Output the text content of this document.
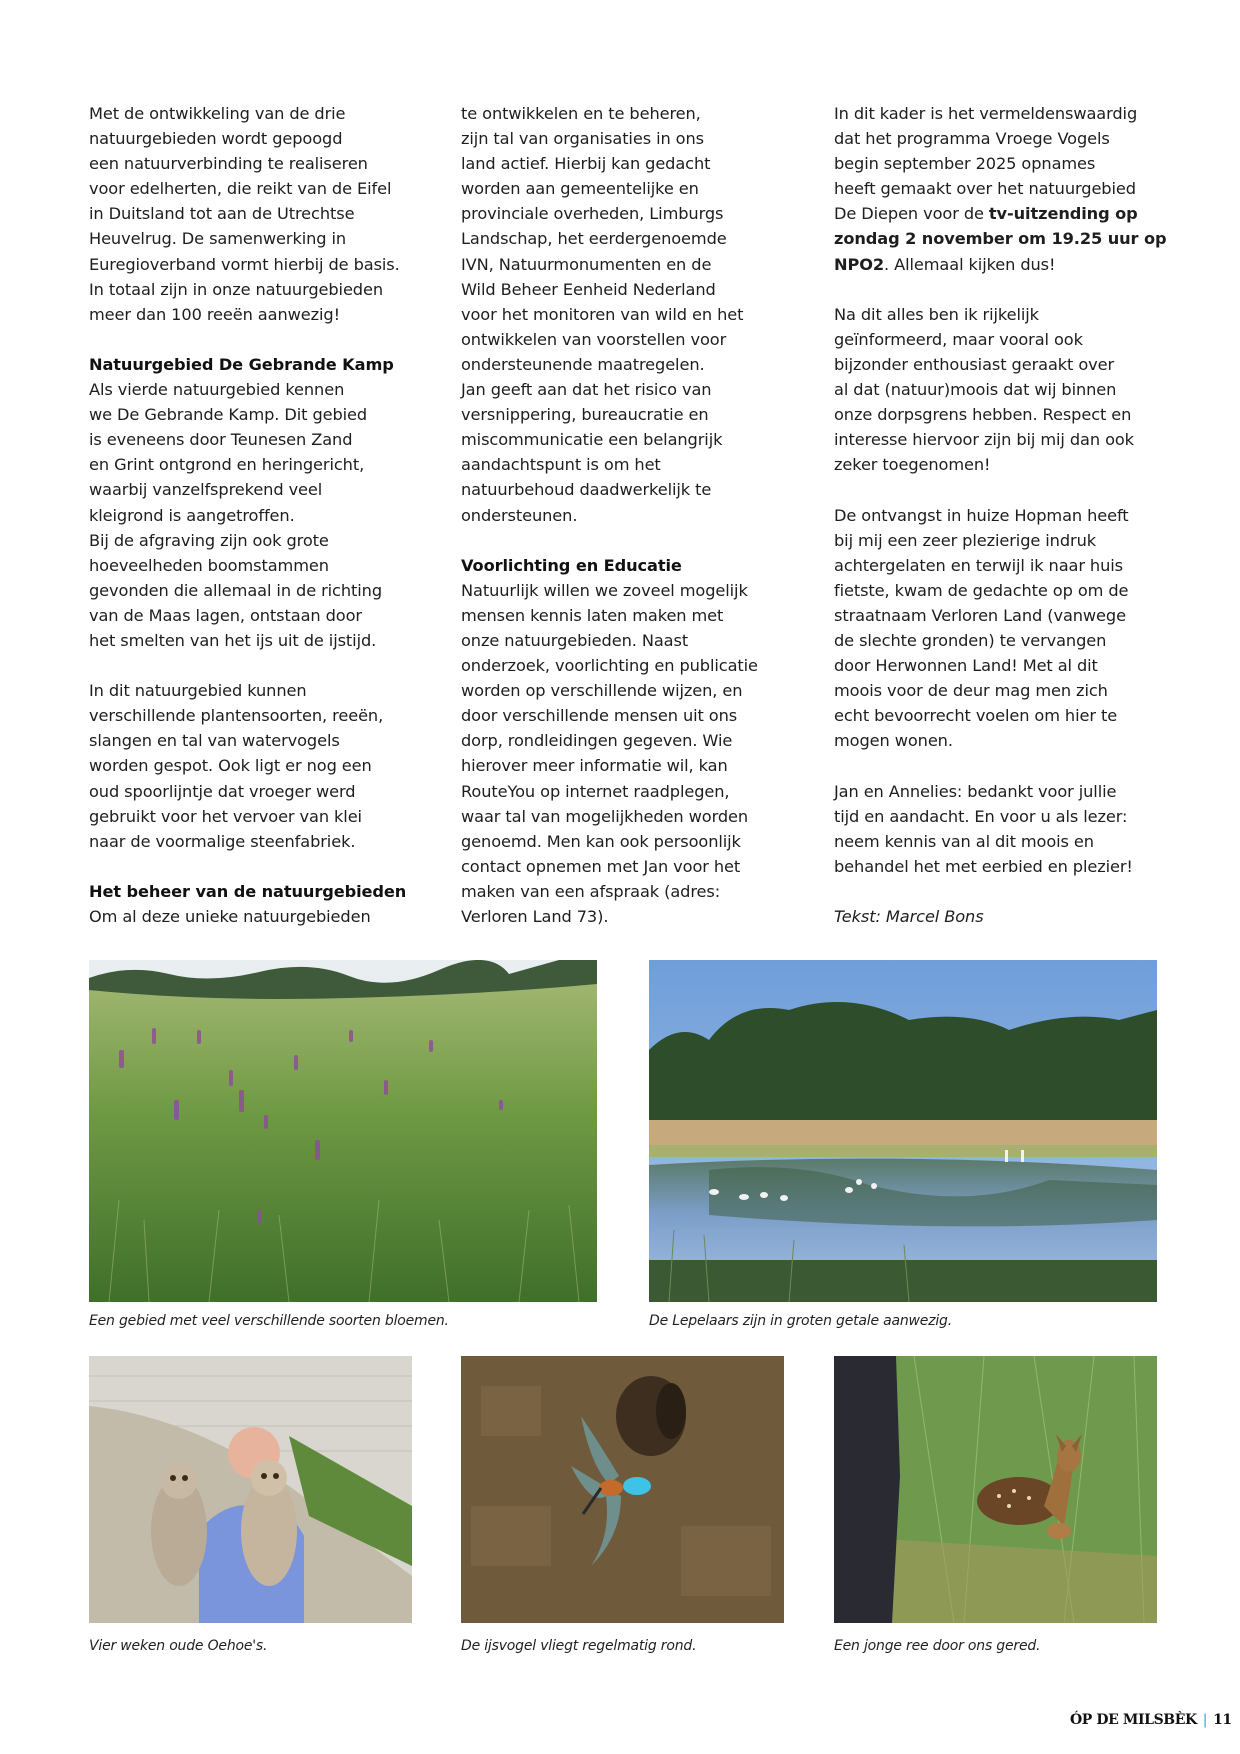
Met de ontwikkeling van de drie
natuurgebieden wordt gepoogd
een natuurverbinding te realiseren
voor edelherten, die reikt van de Eifel
in Duitsland tot aan de Utrechtse
Heuvelrug. De samenwerking in
Euregioverband vormt hierbij de basis.
In totaal zijn in onze natuurgebieden
meer dan 100 reeën aanwezig!
Natuurgebied De Gebrande Kamp
Als vierde natuurgebied kennen
we De Gebrande Kamp. Dit gebied
is eveneens door Teunesen Zand
en Grint ontgrond en heringericht,
waarbij vanzelfsprekend veel
kleigrond is aangetroffen.
Bij de afgraving zijn ook grote
hoeveelheden boomstammen
gevonden die allemaal in de richting
van de Maas lagen, ontstaan door
het smelten van het ijs uit de ijstijd.
In dit natuurgebied kunnen
verschillende plantensoorten, reeën,
slangen en tal van watervogels
worden gespot. Ook ligt er nog een
oud spoorlijntje dat vroeger werd
gebruikt voor het vervoer van klei
naar de voormalige steenfabriek.
Het beheer van de natuurgebieden
Om al deze unieke natuurgebieden
te ontwikkelen en te beheren,
zijn tal van organisaties in ons
land actief. Hierbij kan gedacht
worden aan gemeentelijke en
provinciale overheden, Limburgs
Landschap, het eerdergenoemde
IVN, Natuurmonumenten en de
Wild Beheer Eenheid Nederland
voor het monitoren van wild en het
ontwikkelen van voorstellen voor
ondersteunende maatregelen.
Jan geeft aan dat het risico van
versnippering, bureaucratie en
miscommunicatie een belangrijk
aandachtspunt is om het
natuurbehoud daadwerkelijk te
ondersteunen.
Voorlichting en Educatie
Natuurlijk willen we zoveel mogelijk
mensen kennis laten maken met
onze natuurgebieden. Naast
onderzoek, voorlichting en publicatie
worden op verschillende wijzen, en
door verschillende mensen uit ons
dorp, rondleidingen gegeven. Wie
hierover meer informatie wil, kan
RouteYou op internet raadplegen,
waar tal van mogelijkheden worden
genoemd. Men kan ook persoonlijk
contact opnemen met Jan voor het
maken van een afspraak (adres:
Verloren Land 73).
In dit kader is het vermeldenswaardig
dat het programma Vroege Vogels
begin september 2025 opnames
heeft gemaakt over het natuurgebied
De Diepen voor de tv-uitzending op
zondag 2 november om 19.25 uur op
NPO2. Allemaal kijken dus!
Na dit alles ben ik rijkelijk
geïnformeerd, maar vooral ook
bijzonder enthousiast geraakt over
al dat (natuur)moois dat wij binnen
onze dorpsgrens hebben. Respect en
interesse hiervoor zijn bij mij dan ook
zeker toegenomen!
De ontvangst in huize Hopman heeft
bij mij een zeer plezierige indruk
achtergelaten en terwijl ik naar huis
fietste, kwam de gedachte op om de
straatnaam Verloren Land (vanwege
de slechte gronden) te vervangen
door Herwonnen Land! Met al dit
moois voor de deur mag men zich
echt bevoorrecht voelen om hier te
mogen wonen.
Jan en Annelies: bedankt voor jullie
tijd en aandacht. En voor u als lezer:
neem kennis van al dit moois en
behandel het met eerbied en plezier!
Tekst: Marcel Bons
Een gebied met veel verschillende soorten bloemen.	De Lepelaars zijn in groten getale aanwezig.
Vier weken oude Oehoe's.	De ijsvogel vliegt regelmatig rond.	Een jonge ree door ons gered.
ÓP DE MILSBÈK | 11
